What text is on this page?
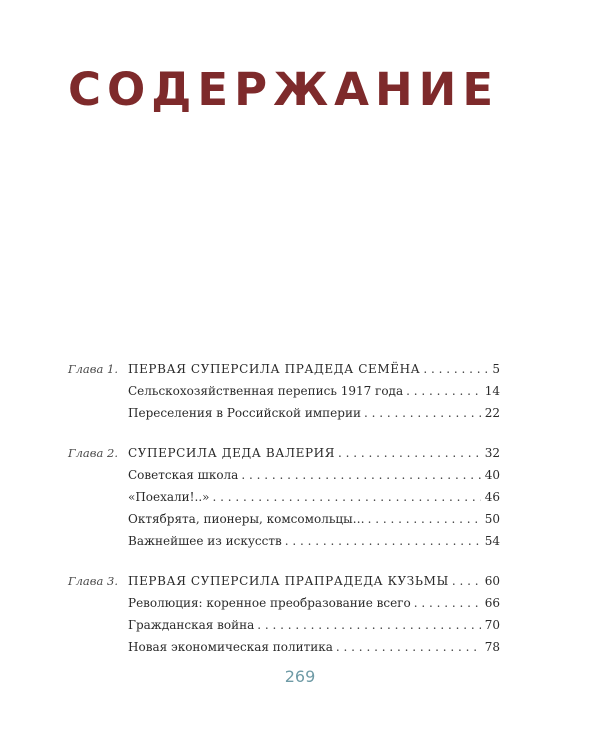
СОДЕРЖАНИЕ
Глава 1. ПЕРВАЯ СУПЕРСИЛА ПРАДЕДА СЕМЁНА . . .	5
Сельскохозяйственная перепись 1917 года . . .	14
Переселения в Российской империи . . .	22
Глава 2. СУПЕРСИЛА ДЕДА ВАЛЕРИЯ . . .	32
Советская школа . . .	40
«Поехали!..» . . .	46
Октябрята, пионеры, комсомольцы… . . .	50
Важнейшее из искусств . . .	54
Глава 3. ПЕРВАЯ СУПЕРСИЛА ПРАПРАДЕДА КУЗЬМЫ . . .	60
Революция: коренное преобразование всего . . .	66
Гражданская война . . .	70
Новая экономическая политика . . .	78
269
